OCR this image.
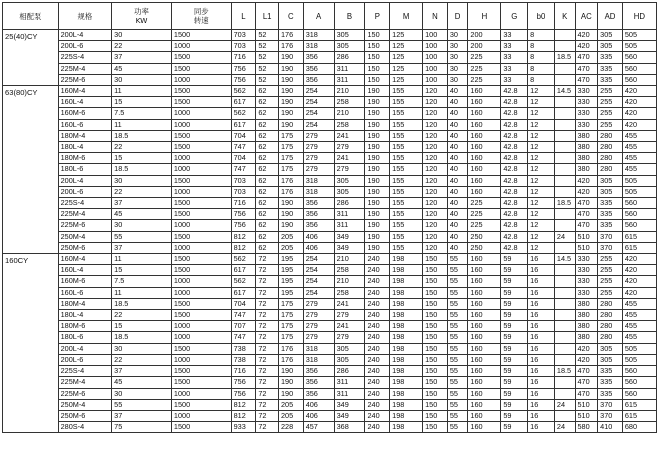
相配泵	规格	功率
KW	同步
转速	L	L1	C	A	B	P	M	N	D	H	G	b0	K	AC	AD	HD
25(40)CY	200L-4	30	1500	703	52	176	318	305	150	125	100	30	200	33	8		420	305	505
	200L-6	22	1000	703	52	176	318	305	150	125	100	30	200	33	8		420	305	505
	225S-4	37	1500	716	52	190	356	286	150	125	100	30	225	33	8	18.5	470	335	560
	225M-4	45	1500	756	52	190	356	311	150	125	100	30	225	33	8		470	335	560
	225M-6	30	1000	756	52	190	356	311	150	125	100	30	225	33	8		470	335	560
63(80)CY	160M-4	11	1500	562	62	190	254	210	190	155	120	40	160	42.8	12	14.5	330	255	420
	160L-4	15	1500	617	62	190	254	258	190	155	120	40	160	42.8	12		330	255	420
	160M-6	7.5	1000	562	62	190	254	210	190	155	120	40	160	42.8	12		330	255	420
	160L-6	11	1000	617	62	190	254	258	190	155	120	40	160	42.8	12		330	255	420
	180M-4	18.5	1500	704	62	175	279	241	190	155	120	40	160	42.8	12		380	280	455
	180L-4	22	1500	747	62	175	279	279	190	155	120	40	160	42.8	12		380	280	455
	180M-6	15	1000	704	62	175	279	241	190	155	120	40	160	42.8	12		380	280	455
	180L-6	18.5	1000	747	62	175	279	279	190	155	120	40	160	42.8	12		380	280	455
	200L-4	30	1500	703	62	176	318	305	190	155	120	40	160	42.8	12		420	305	505
	200L-6	22	1000	703	62	176	318	305	190	155	120	40	160	42.8	12		420	305	505
	225S-4	37	1500	716	62	190	356	286	190	155	120	40	225	42.8	12	18.5	470	335	560
	225M-4	45	1500	756	62	190	356	311	190	155	120	40	225	42.8	12		470	335	560
	225M-6	30	1000	756	62	190	356	311	190	155	120	40	225	42.8	12		470	335	560
	250M-4	55	1500	812	62	205	406	349	190	155	120	40	250	42.8	12	24	510	370	615
	250M-6	37	1000	812	62	205	406	349	190	155	120	40	250	42.8	12		510	370	615
160CY	160M-4	11	1500	562	72	195	254	210	240	198	150	55	160	59	16	14.5	330	255	420
	160L-4	15	1500	617	72	195	254	258	240	198	150	55	160	59	16		330	255	420
	160M-6	7.5	1000	562	72	195	254	210	240	198	150	55	160	59	16		330	255	420
	160L-6	11	1000	617	72	195	254	258	240	198	150	55	160	59	16		330	255	420
	180M-4	18.5	1500	704	72	175	279	241	240	198	150	55	160	59	16		380	280	455
	180L-4	22	1500	747	72	175	279	279	240	198	150	55	160	59	16		380	280	455
	180M-6	15	1000	707	72	175	279	241	240	198	150	55	160	59	16		380	280	455
	180L-6	18.5	1000	747	72	175	279	279	240	198	150	55	160	59	16		380	280	455
	200L-4	30	1500	738	72	176	318	305	240	198	150	55	160	59	16		420	305	505
	200L-6	22	1000	738	72	176	318	305	240	198	150	55	160	59	16		420	305	505
	225S-4	37	1500	716	72	190	356	286	240	198	150	55	160	59	16	18.5	470	335	560
	225M-4	45	1500	756	72	190	356	311	240	198	150	55	160	59	16		470	335	560
	225M-6	30	1000	756	72	190	356	311	240	198	150	55	160	59	16		470	335	560
	250M-4	55	1500	812	72	205	406	349	240	198	150	55	160	59	16	24	510	370	615
	250M-6	37	1000	812	72	205	406	349	240	198	150	55	160	59	16		510	370	615
	280S-4	75	1500	933	72	228	457	368	240	198	150	55	160	59	16	24	580	410	680
